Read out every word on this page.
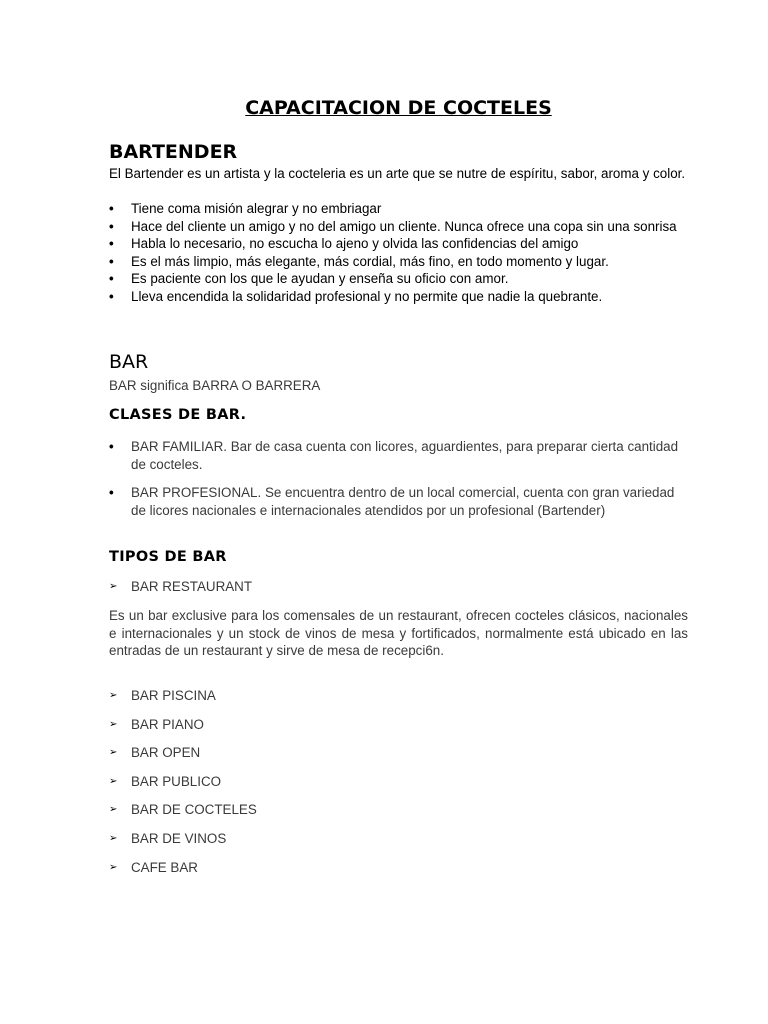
CAPACITACION DE COCTELES
BARTENDER

El Bartender es un artista y la cocteleria es un arte que se nutre de espíritu, sabor, aroma y color.

• Tiene coma misión alegrar y no embriagar
• Hace del cliente un amigo y no del amigo un cliente. Nunca ofrece una copa sin una sonrisa
• Habla lo necesario, no escucha lo ajeno y olvida las confidencias del amigo
• Es el más limpio, más elegante, más cordial, más fino, en todo momento y lugar.
• Es paciente con los que le ayudan y enseña su oficio con amor.
• Lleva encendida la solidaridad profesional y no permite que nadie la quebrante.
BAR

BAR significa BARRA O BARRERA

CLASES DE BAR.
• BAR FAMILIAR. Bar de casa cuenta con licores, aguardientes, para preparar cierta cantidad de cocteles.
• BAR PROFESIONAL. Se encuentra dentro de un local comercial, cuenta con gran variedad de licores nacionales e internacionales atendidos por un profesional (Bartender)
TIPOS DE BAR
➢ BAR RESTAURANT

Es un bar exclusive para los comensales de un restaurant, ofrecen cocteles clásicos, nacionales e internacionales y un stock de vinos de mesa y fortificados, normalmente está ubicado en las entradas de un restaurant y sirve de mesa de recepci6n.

➢ BAR PISCINA
➢ BAR PIANO
➢ BAR OPEN
➢ BAR PUBLICO
➢ BAR DE COCTELES
➢ BAR DE VINOS
➢ CAFE BAR
